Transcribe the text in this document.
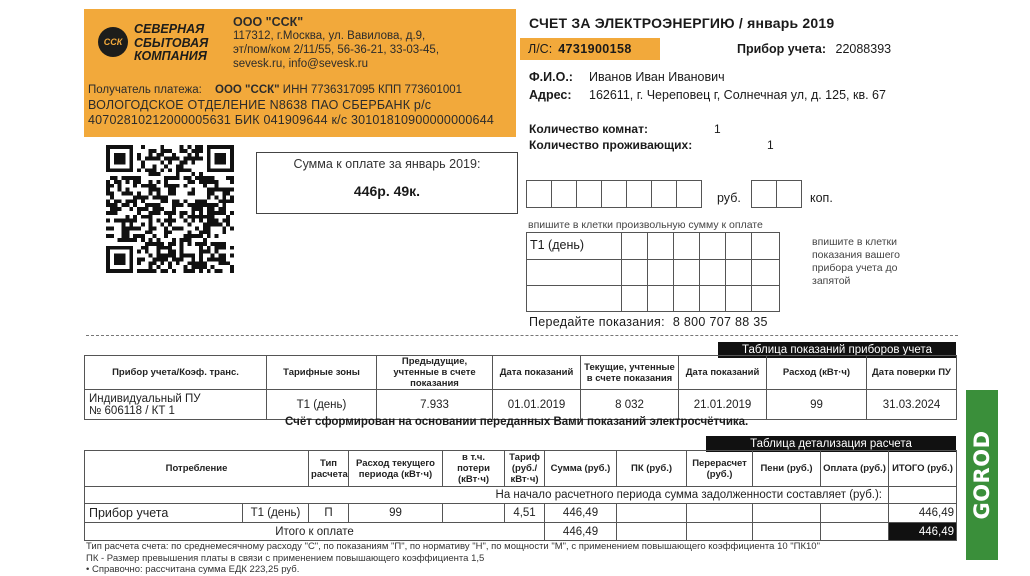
ССК
СЕВЕРНАЯ
СБЫТОВАЯ
КОМПАНИЯ
ООО "ССК"
117312, г.Москва, ул. Вавилова, д.9,
эт/пом/ком 2/11/55, 56-36-21, 33-03-45,
sevesk.ru, info@sevesk.ru
Получатель платежа: ООО "ССК" ИНН 7736317095 КПП 773601001
ВОЛОГОДСКОЕ ОТДЕЛЕНИЕ N8638 ПАО СБЕРБАНК р/с
40702810212000005631 БИК 041909644 к/с 30101810900000000644
Сумма к оплате за январь 2019:
446р. 49к.
СЧЕТ ЗА ЭЛЕКТРОЭНЕРГИЮ / январь 2019
Л/С: 4731900158	Прибор учета: 22088393
Ф.И.О.: Иванов Иван Иванович
Адрес: 162611, г. Череповец г, Солнечная ул, д. 125, кв. 67
Количество комнат:
Количество проживающих:
1
1
руб.	коп.
впишите в клетки произвольную сумму к оплате
Т1 (день)	впишите в клетки показания вашего прибора учета до запятой
Передайте показания: 8 800 707 88 35
Таблица показаний приборов учета
Прибор учета/Коэф. транс.	Тарифные зоны	Предыдущие, учтенные в счете показания	Дата показаний	Текущие, учтенные в счете показания	Дата показаний	Расход (кВт·ч)	Дата поверки ПУ

Индивидуальный ПУ
№ 606118 / КТ 1	Т1 (день)	7.933	01.01.2019	8 032	21.01.2019	99	31.03.2024
Счёт сформирован на основании переданных Вами показаний электросчётчика.
Таблица детализация расчета
Потребление		Тип расчета	Расход текущего периода (кВт·ч)	в т.ч. потери (кВт·ч)	Тариф (руб./ кВт·ч)	Сумма (руб.)	ПК (руб.)	Перерасчет (руб.)	Пени (руб.)	Оплата (руб.)	ИТОГО (руб.)
На начало расчетного периода сумма задолженности составляет (руб.):											
Прибор учета	Т1 (день)	П	99		4,51	446,49					446,49
Итого к оплате						446,49					446,49
Тип расчета счета: по среднемесячному расходу "С", по показаниям "П", по нормативу "Н", по мощности "М", с применением повышающего коэффициента 10 "ПК10"
ПК - Размер превышения платы в связи с применением повышающего коэффициента 1,5
• Справочно: рассчитана сумма ЕДК 223,25 руб.
GOROD VO.RU
